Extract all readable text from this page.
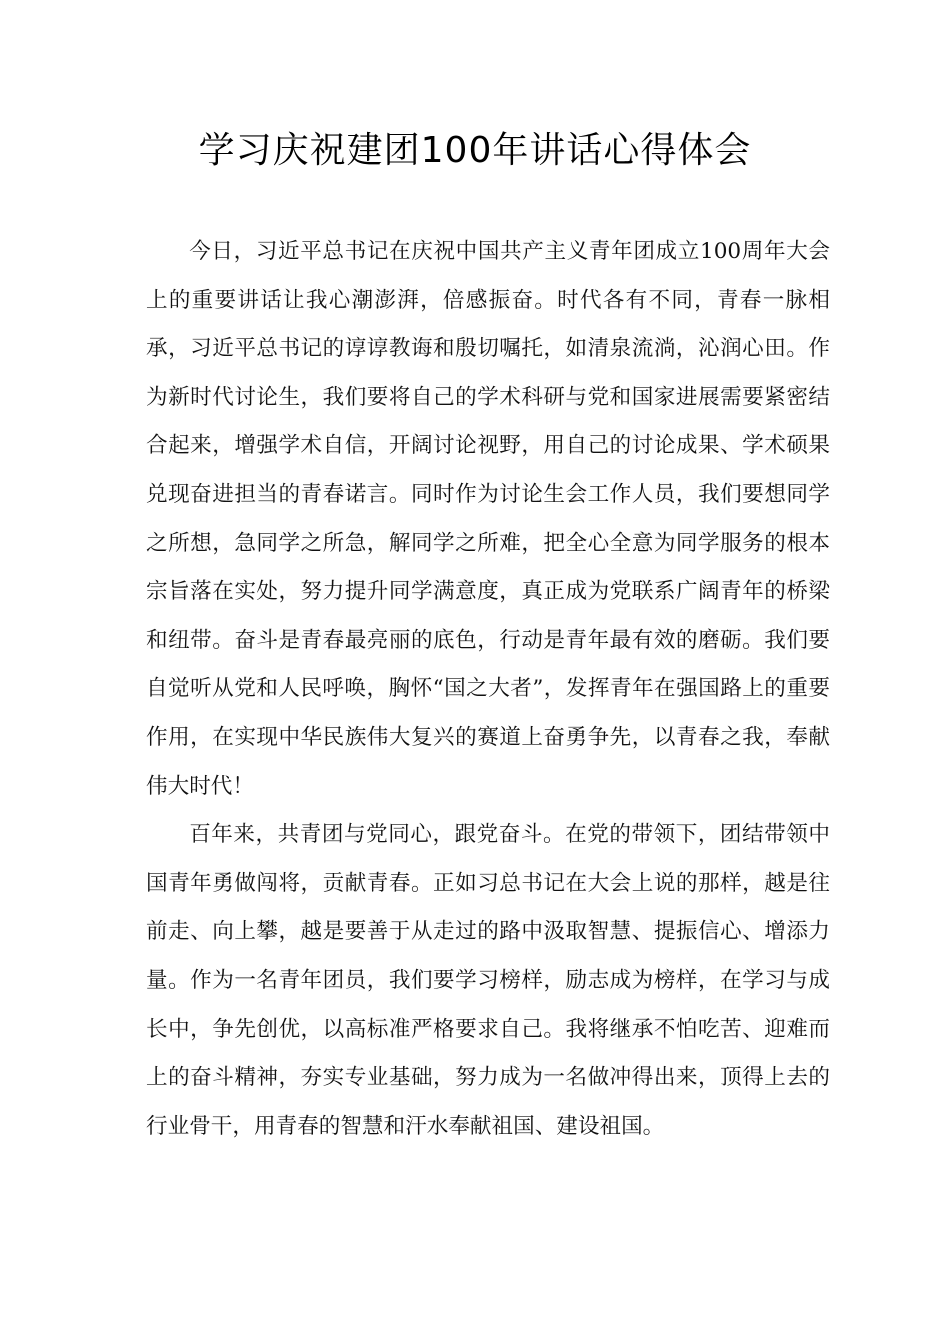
学习庆祝建团100年讲话心得体会

今日，习近平总书记在庆祝中国共产主义青年团成立100周年大会上的重要讲话让我心潮澎湃，倍感振奋。时代各有不同，青春一脉相承，习近平总书记的谆谆教诲和殷切嘱托，如清泉流淌，沁润心田。作为新时代讨论生，我们要将自己的学术科研与党和国家进展需要紧密结合起来，增强学术自信，开阔讨论视野，用自己的讨论成果、学术硕果兑现奋进担当的青春诺言。同时作为讨论生会工作人员，我们要想同学之所想，急同学之所急，解同学之所难，把全心全意为同学服务的根本宗旨落在实处，努力提升同学满意度，真正成为党联系广阔青年的桥梁和纽带。奋斗是青春最亮丽的底色，行动是青年最有效的磨砺。我们要自觉听从党和人民呼唤，胸怀“国之大者”，发挥青年在强国路上的重要作用，在实现中华民族伟大复兴的赛道上奋勇争先，以青春之我，奉献伟大时代！

百年来，共青团与党同心，跟党奋斗。在党的带领下，团结带领中国青年勇做闯将，贡献青春。正如习总书记在大会上说的那样，越是往前走、向上攀，越是要善于从走过的路中汲取智慧、提振信心、增添力量。作为一名青年团员，我们要学习榜样，励志成为榜样，在学习与成长中，争先创优，以高标准严格要求自己。我将继承不怕吃苦、迎难而上的奋斗精神，夯实专业基础，努力成为一名做冲得出来，顶得上去的行业骨干，用青春的智慧和汗水奉献祖国、建设祖国。
